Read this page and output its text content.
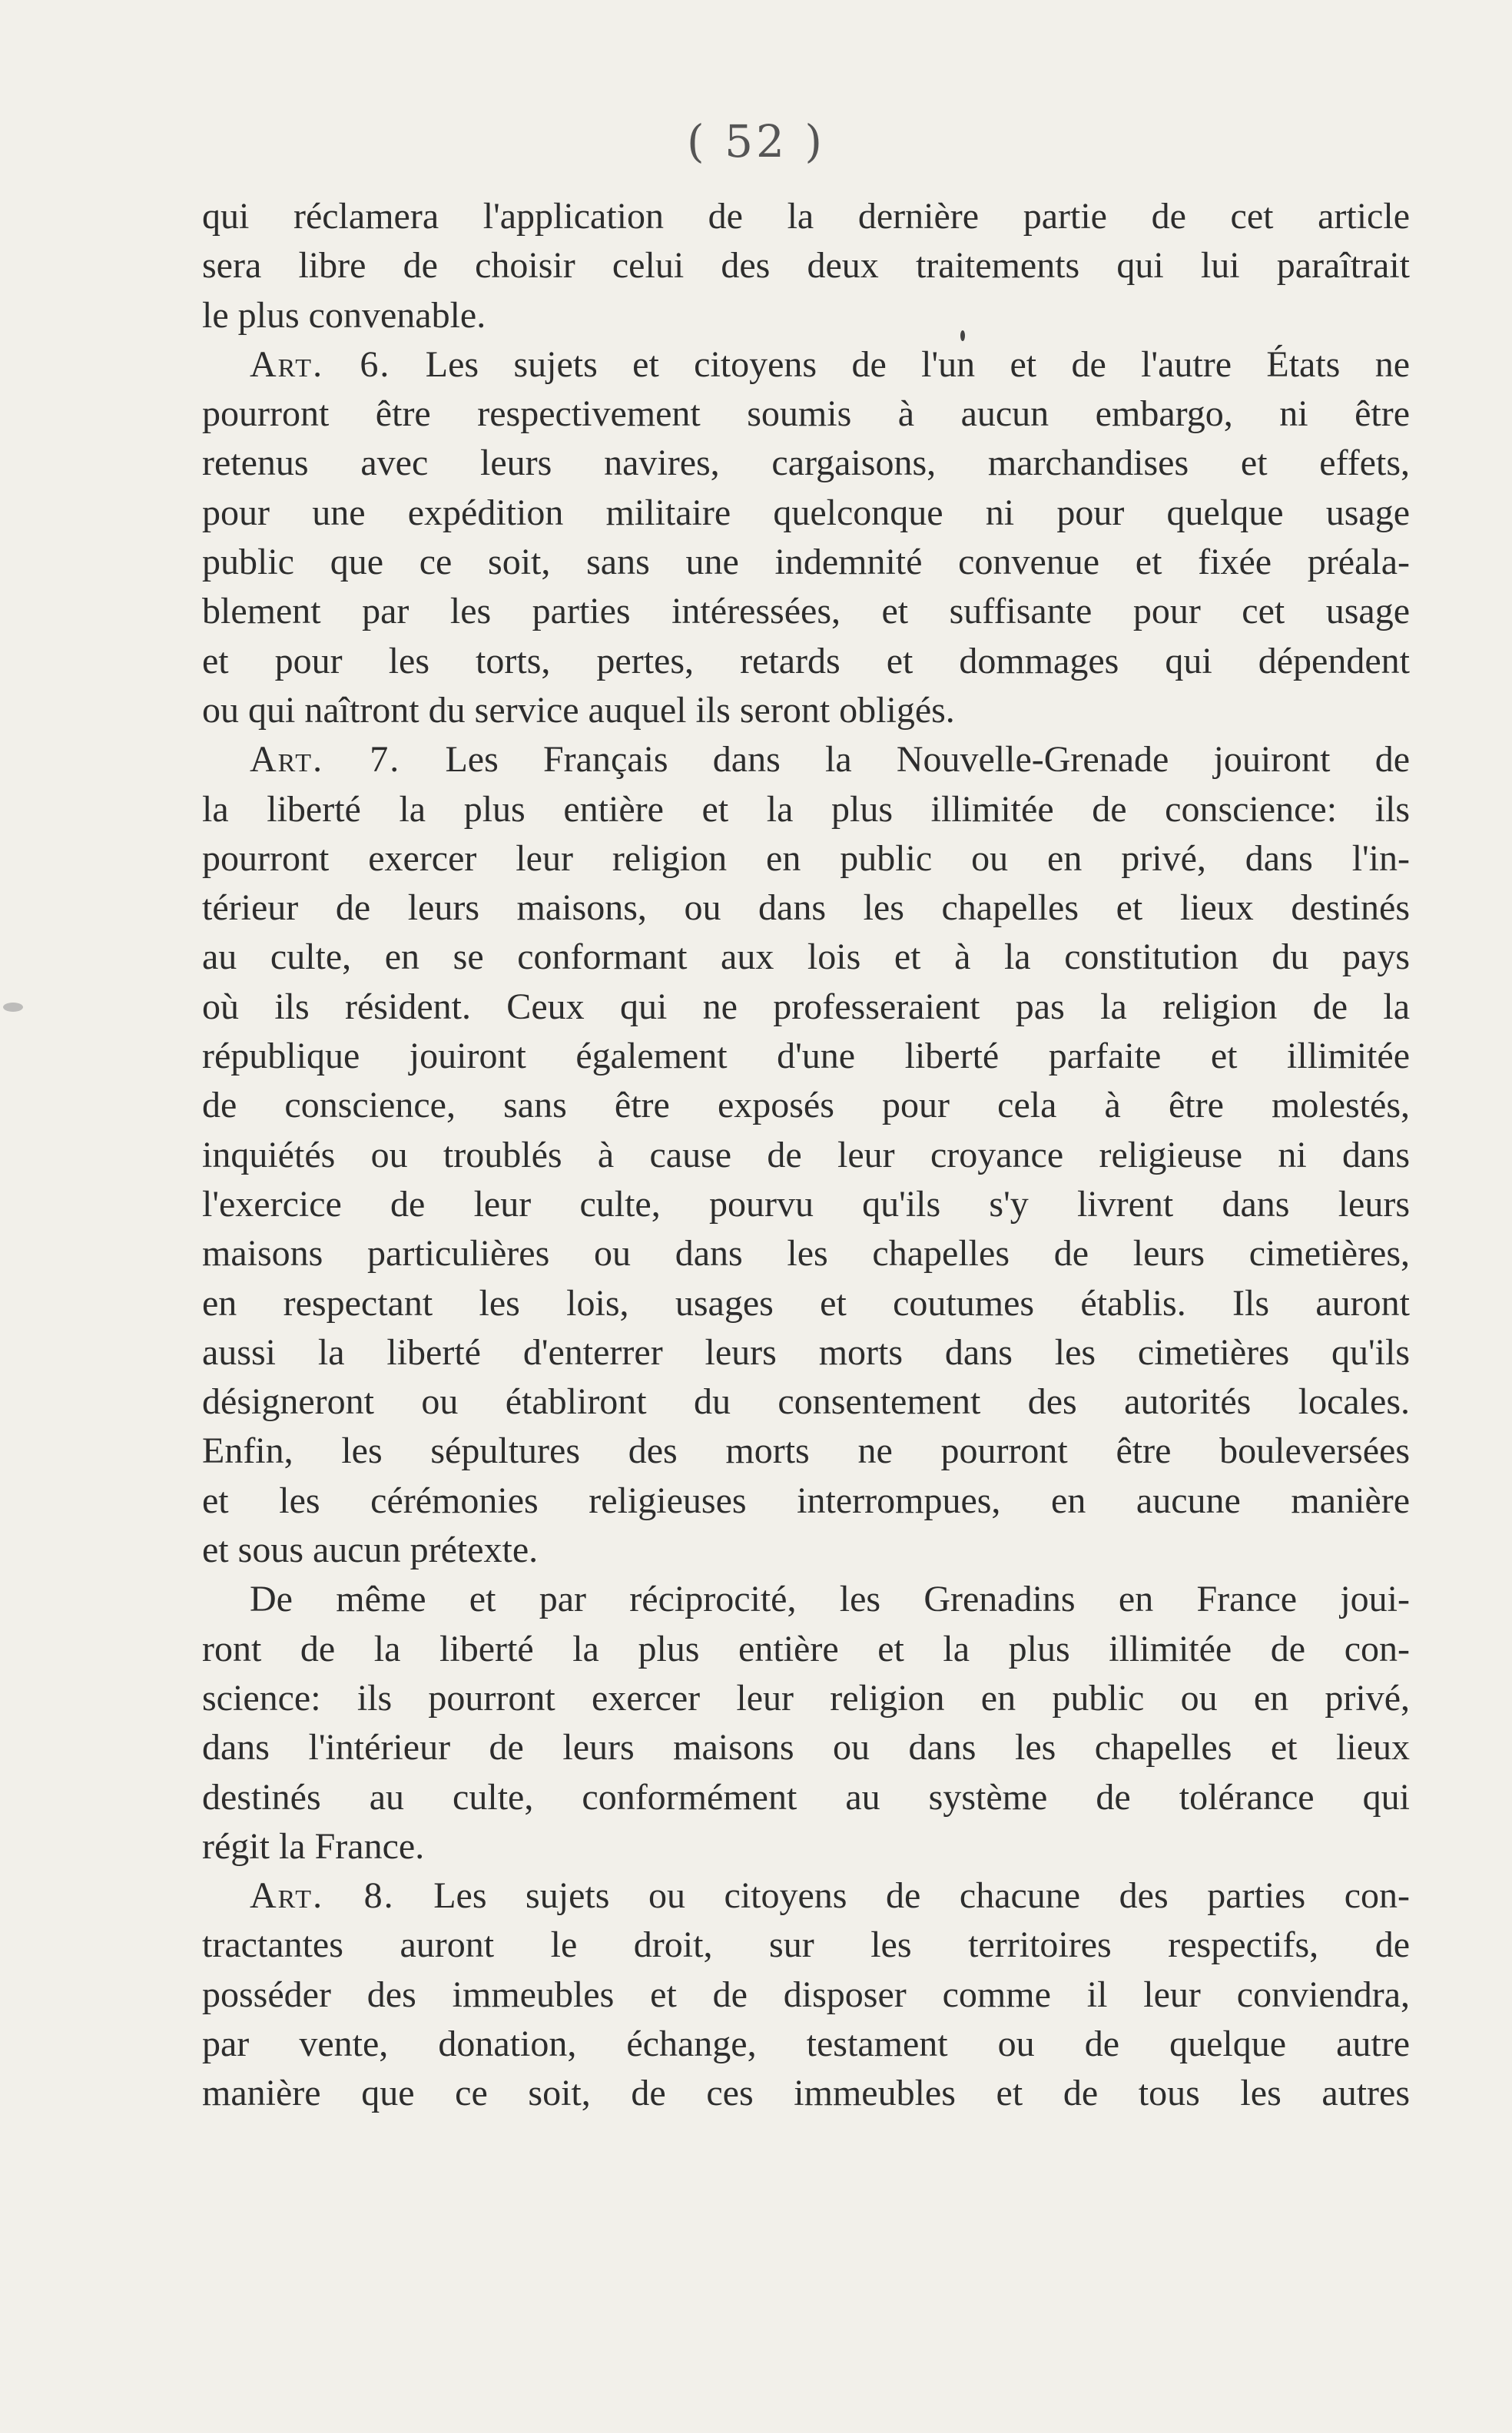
( 52 )
qui réclamera l'application de la dernière partie de cet article
sera libre de choisir celui des deux traitements qui lui paraîtrait
le plus convenable.
Art. 6. Les sujets et citoyens de l'un et de l'autre États ne
pourront être respectivement soumis à aucun embargo, ni être
retenus avec leurs navires, cargaisons, marchandises et effets,
pour une expédition militaire quelconque ni pour quelque usage
public que ce soit, sans une indemnité convenue et fixée préala-
blement par les parties intéressées, et suffisante pour cet usage
et pour les torts, pertes, retards et dommages qui dépendent
ou qui naîtront du service auquel ils seront obligés.
Art. 7. Les Français dans la Nouvelle-Grenade jouiront de
la liberté la plus entière et la plus illimitée de conscience: ils
pourront exercer leur religion en public ou en privé, dans l'in-
térieur de leurs maisons, ou dans les chapelles et lieux destinés
au culte, en se conformant aux lois et à la constitution du pays
où ils résident. Ceux qui ne professeraient pas la religion de la
république jouiront également d'une liberté parfaite et illimitée
de conscience, sans être exposés pour cela à être molestés,
inquiétés ou troublés à cause de leur croyance religieuse ni dans
l'exercice de leur culte, pourvu qu'ils s'y livrent dans leurs
maisons particulières ou dans les chapelles de leurs cimetières,
en respectant les lois, usages et coutumes établis. Ils auront
aussi la liberté d'enterrer leurs morts dans les cimetières qu'ils
désigneront ou établiront du consentement des autorités locales.
Enfin, les sépultures des morts ne pourront être bouleversées
et les cérémonies religieuses interrompues, en aucune manière
et sous aucun prétexte.
De même et par réciprocité, les Grenadins en France joui-
ront de la liberté la plus entière et la plus illimitée de con-
science: ils pourront exercer leur religion en public ou en privé,
dans l'intérieur de leurs maisons ou dans les chapelles et lieux
destinés au culte, conformément au système de tolérance qui
régit la France.
Art. 8. Les sujets ou citoyens de chacune des parties con-
tractantes auront le droit, sur les territoires respectifs, de
posséder des immeubles et de disposer comme il leur conviendra,
par vente, donation, échange, testament ou de quelque autre
manière que ce soit, de ces immeubles et de tous les autres
